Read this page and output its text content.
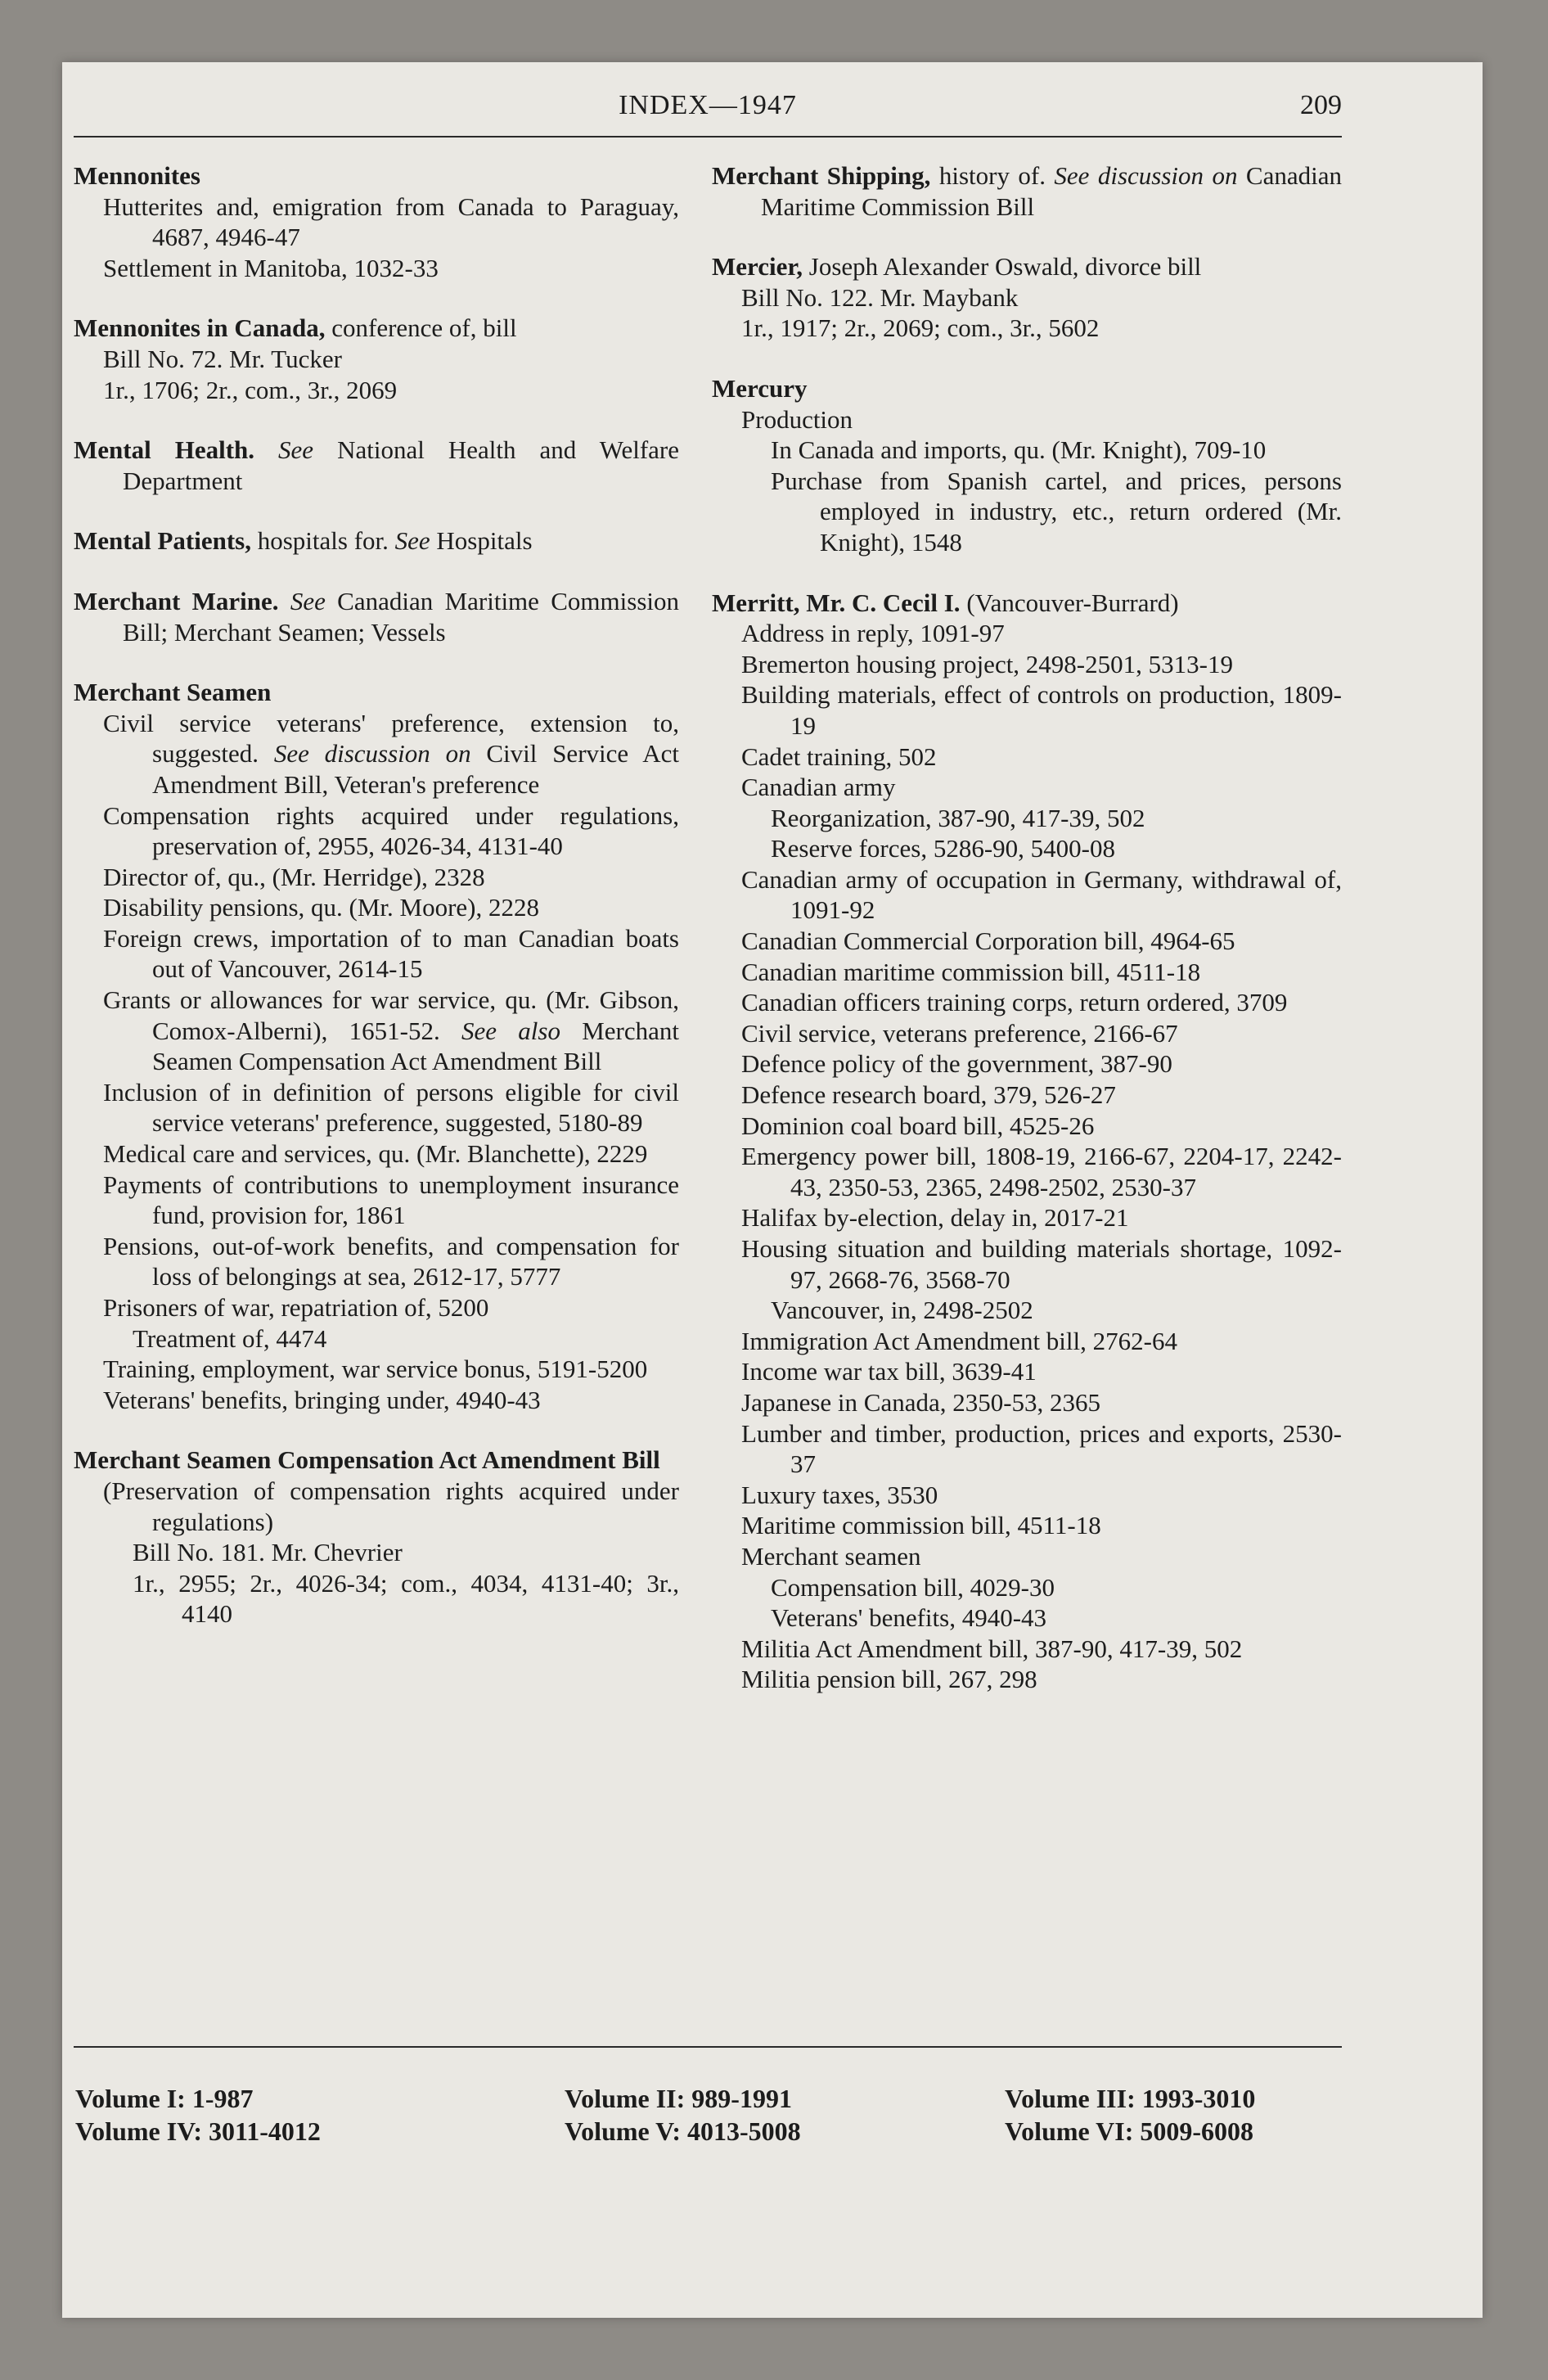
INDEX—1947	209
Mennonites
Hutterites and, emigration from Canada to Paraguay, 4687, 4946-47
Settlement in Manitoba, 1032-33
Mennonites in Canada, conference of, bill
Bill No. 72. Mr. Tucker
1r., 1706; 2r., com., 3r., 2069
Mental Health. See National Health and Welfare Department
Mental Patients, hospitals for. See Hospitals
Merchant Marine. See Canadian Maritime Commission Bill; Merchant Seamen; Vessels
Merchant Seamen
Civil service veterans' preference, extension to, suggested. See discussion on Civil Service Act Amendment Bill, Veteran's preference
Compensation rights acquired under regulations, preservation of, 2955, 4026-34, 4131-40
Director of, qu., (Mr. Herridge), 2328
Disability pensions, qu. (Mr. Moore), 2228
Foreign crews, importation of to man Canadian boats out of Vancouver, 2614-15
Grants or allowances for war service, qu. (Mr. Gibson, Comox-Alberni), 1651-52. See also Merchant Seamen Compensation Act Amendment Bill
Inclusion of in definition of persons eligible for civil service veterans' preference, suggested, 5180-89
Medical care and services, qu. (Mr. Blanchette), 2229
Payments of contributions to unemployment insurance fund, provision for, 1861
Pensions, out-of-work benefits, and compensation for loss of belongings at sea, 2612-17, 5777
Prisoners of war, repatriation of, 5200
Treatment of, 4474
Training, employment, war service bonus, 5191-5200
Veterans' benefits, bringing under, 4940-43
Merchant Seamen Compensation Act Amendment Bill
(Preservation of compensation rights acquired under regulations)
Bill No. 181. Mr. Chevrier
1r., 2955; 2r., 4026-34; com., 4034, 4131-40; 3r., 4140
Merchant Shipping, history of. See discussion on Canadian Maritime Commission Bill
Mercier, Joseph Alexander Oswald, divorce bill
Bill No. 122. Mr. Maybank
1r., 1917; 2r., 2069; com., 3r., 5602
Mercury
Production
In Canada and imports, qu. (Mr. Knight), 709-10
Purchase from Spanish cartel, and prices, persons employed in industry, etc., return ordered (Mr. Knight), 1548
Merritt, Mr. C. Cecil I. (Vancouver-Burrard)
Address in reply, 1091-97
Bremerton housing project, 2498-2501, 5313-19
Building materials, effect of controls on production, 1809-19
Cadet training, 502
Canadian army
Reorganization, 387-90, 417-39, 502
Reserve forces, 5286-90, 5400-08
Canadian army of occupation in Germany, withdrawal of, 1091-92
Canadian Commercial Corporation bill, 4964-65
Canadian maritime commission bill, 4511-18
Canadian officers training corps, return ordered, 3709
Civil service, veterans preference, 2166-67
Defence policy of the government, 387-90
Defence research board, 379, 526-27
Dominion coal board bill, 4525-26
Emergency power bill, 1808-19, 2166-67, 2204-17, 2242-43, 2350-53, 2365, 2498-2502, 2530-37
Halifax by-election, delay in, 2017-21
Housing situation and building materials shortage, 1092-97, 2668-76, 3568-70
Vancouver, in, 2498-2502
Immigration Act Amendment bill, 2762-64
Income war tax bill, 3639-41
Japanese in Canada, 2350-53, 2365
Lumber and timber, production, prices and exports, 2530-37
Luxury taxes, 3530
Maritime commission bill, 4511-18
Merchant seamen
Compensation bill, 4029-30
Veterans' benefits, 4940-43
Militia Act Amendment bill, 387-90, 417-39, 502
Militia pension bill, 267, 298
Volume I: 1-987
Volume IV: 3011-4012
Volume II: 989-1991
Volume V: 4013-5008
Volume III: 1993-3010
Volume VI: 5009-6008
